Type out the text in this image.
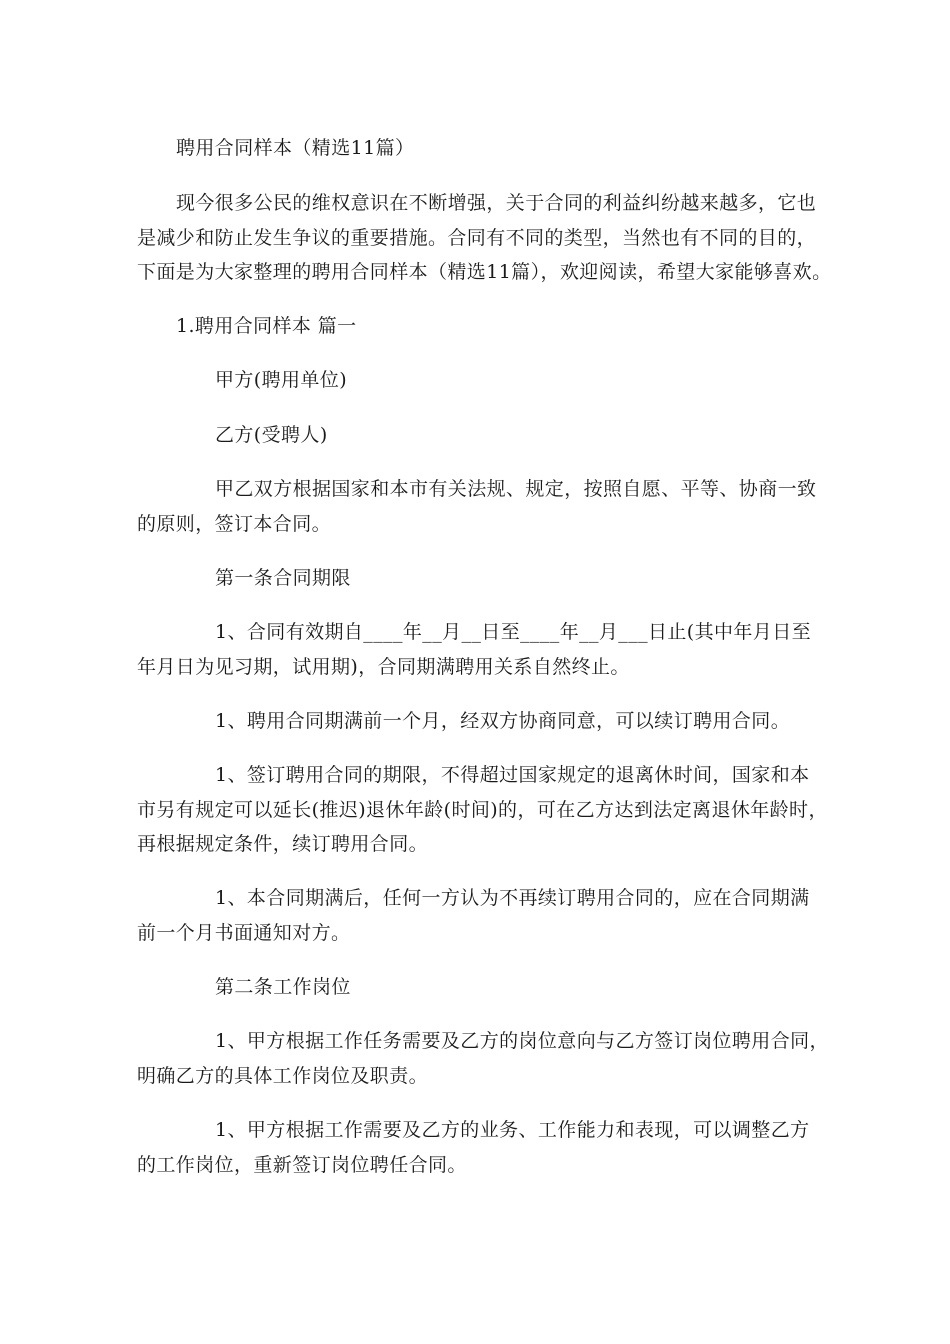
聘用合同样本（精选11篇）
现今很多公民的维权意识在不断增强，关于合同的利益纠纷越来越多，它也
是减少和防止发生争议的重要措施。合同有不同的类型，当然也有不同的目的，
下面是为大家整理的聘用合同样本（精选11篇），欢迎阅读，希望大家能够喜欢。
1.聘用合同样本 篇一
甲方(聘用单位)
乙方(受聘人)
甲乙双方根据国家和本市有关法规、规定，按照自愿、平等、协商一致
的原则，签订本合同。
第一条合同期限
1、合同有效期自____年__月__日至____年__月___日止(其中年月日至
年月日为见习期，试用期)，合同期满聘用关系自然终止。
1、聘用合同期满前一个月，经双方协商同意，可以续订聘用合同。
1、签订聘用合同的期限，不得超过国家规定的退离休时间，国家和本
市另有规定可以延长(推迟)退休年龄(时间)的，可在乙方达到法定离退休年龄时，
再根据规定条件，续订聘用合同。
1、本合同期满后，任何一方认为不再续订聘用合同的，应在合同期满
前一个月书面通知对方。
第二条工作岗位
1、甲方根据工作任务需要及乙方的岗位意向与乙方签订岗位聘用合同，
明确乙方的具体工作岗位及职责。
1、甲方根据工作需要及乙方的业务、工作能力和表现，可以调整乙方
的工作岗位，重新签订岗位聘任合同。
